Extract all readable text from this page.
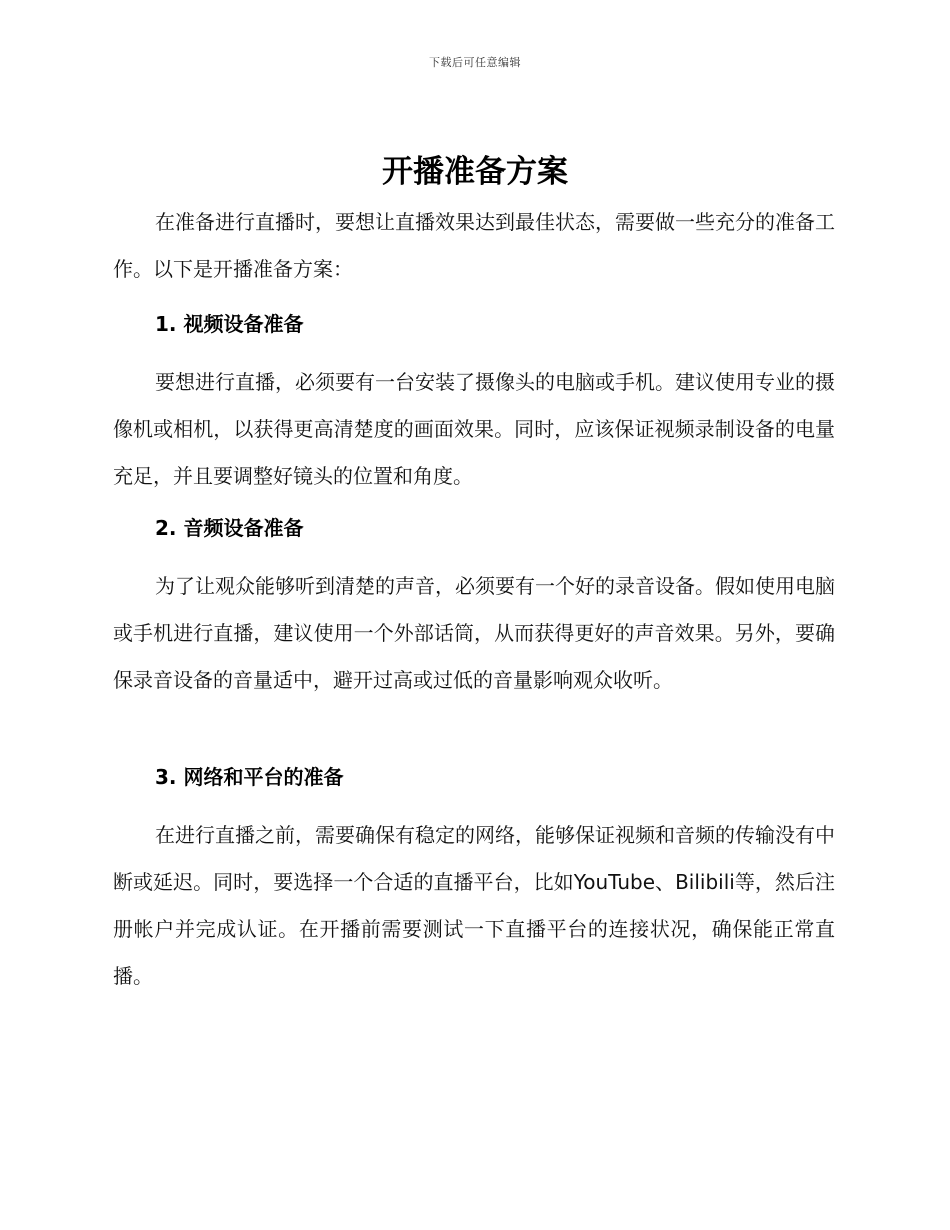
下载后可任意编辑
开播准备方案

在准备进行直播时，要想让直播效果达到最佳状态，需要做一些充分的准备工作。以下是开播准备方案：

1. 视频设备准备

要想进行直播，必须要有一台安装了摄像头的电脑或手机。建议使用专业的摄像机或相机，以获得更高清楚度的画面效果。同时，应该保证视频录制设备的电量充足，并且要调整好镜头的位置和角度。

2. 音频设备准备

为了让观众能够听到清楚的声音，必须要有一个好的录音设备。假如使用电脑或手机进行直播，建议使用一个外部话筒，从而获得更好的声音效果。另外，要确保录音设备的音量适中，避开过高或过低的音量影响观众收听。

3. 网络和平台的准备

在进行直播之前，需要确保有稳定的网络，能够保证视频和音频的传输没有中断或延迟。同时，要选择一个合适的直播平台，比如YouTube、Bilibili等，然后注册帐户并完成认证。在开播前需要测试一下直播平台的连接状况，确保能正常直播。
